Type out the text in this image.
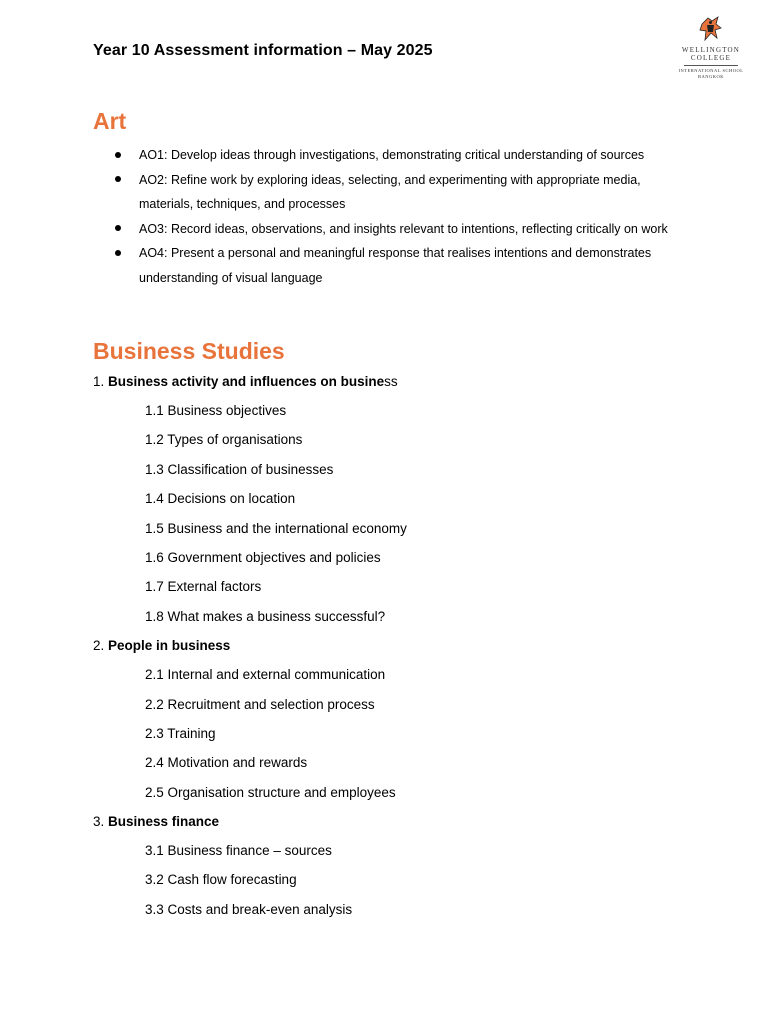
Year 10 Assessment information – May 2025	WELLINGTON
COLLEGE
INTERNATIONAL SCHOOL
BANGKOK
Art
AO1: Develop ideas through investigations, demonstrating critical understanding of sources
AO2: Refine work by exploring ideas, selecting, and experimenting with appropriate media, materials, techniques, and processes
AO3: Record ideas, observations, and insights relevant to intentions, reflecting critically on work
AO4: Present a personal and meaningful response that realises intentions and demonstrates understanding of visual language
Business Studies
1. Business activity and influences on business
1.1 Business objectives
1.2 Types of organisations
1.3 Classification of businesses
1.4 Decisions on location
1.5 Business and the international economy
1.6 Government objectives and policies
1.7 External factors
1.8 What makes a business successful?
2. People in business
2.1 Internal and external communication
2.2 Recruitment and selection process
2.3 Training
2.4 Motivation and rewards
2.5 Organisation structure and employees
3. Business finance
3.1 Business finance – sources
3.2 Cash flow forecasting
3.3 Costs and break-even analysis
